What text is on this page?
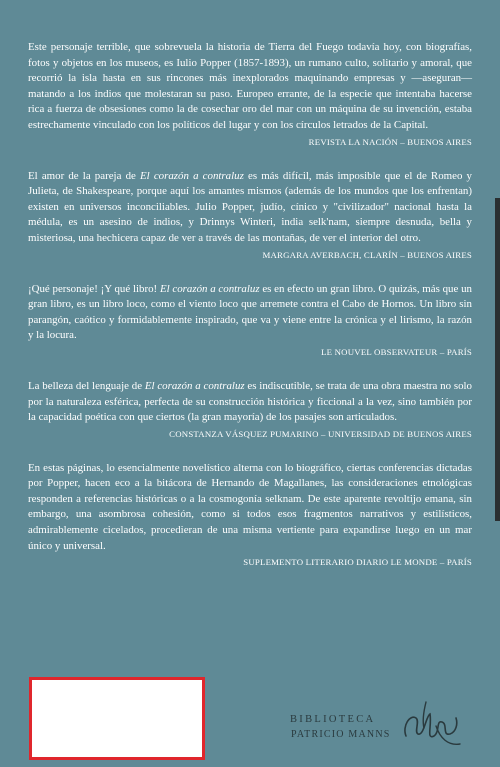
Este personaje terrible, que sobrevuela la historia de Tierra del Fuego todavía hoy, con biografías, fotos y objetos en los museos, es Iulio Popper (1857-1893), un rumano culto, solitario y amoral, que recorrió la isla hasta en sus rincones más inexplorados maquinando empresas y —aseguran— matando a los indios que molestaran su paso. Europeo errante, de la especie que intentaba hacerse rica a fuerza de obsesiones como la de cosechar oro del mar con un máquina de su invención, estaba estrechamente vinculado con los políticos del lugar y con los círculos letrados de la Capital.

REVISTA LA NACIÓN – BUENOS AIRES

El amor de la pareja de El corazón a contraluz es más difícil, más imposible que el de Romeo y Julieta, de Shakespeare, porque aquí los amantes mismos (además de los mundos que los enfrentan) existen en universos inconciliables. Julio Popper, judío, cínico y "civilizador" nacional hasta la médula, es un asesino de indios, y Drinnys Winteri, india selk'nam, siempre desnuda, bella y misteriosa, una hechicera capaz de ver a través de las montañas, de ver el interior del otro.

MARGARA AVERBACH, CLARÍN – BUENOS AIRES

¡Qué personaje! ¡Y qué libro! El corazón a contraluz es en efecto un gran libro. O quizás, más que un gran libro, es un libro loco, como el viento loco que arremete contra el Cabo de Hornos. Un libro sin parangón, caótico y formidablemente inspirado, que va y viene entre la crónica y el lirismo, la razón y la locura.

LE NOUVEL OBSERVATEUR – PARÍS

La belleza del lenguaje de El corazón a contraluz es indiscutible, se trata de una obra maestra no solo por la naturaleza esférica, perfecta de su construcción histórica y ficcional a la vez, sino también por la capacidad poética con que ciertos (la gran mayoría) de los pasajes son articulados.

CONSTANZA VÁSQUEZ PUMARINO – UNIVERSIDAD DE BUENOS AIRES

En estas páginas, lo esencialmente novelístico alterna con lo biográfico, ciertas conferencias dictadas por Popper, hacen eco a la bitácora de Hernando de Magallanes, las consideraciones etnológicas responden a referencias históricas o a la cosmogonía selknam. De este aparente revoltijo emana, sin embargo, una asombrosa cohesión, como si todos esos fragmentos narrativos y estilísticos, admirablemente cicelados, procedieran de una misma vertiente para expandirse luego en un mar único y universal.

SUPLEMENTO LITERARIO DIARIO LE MONDE – PARÍS
BIBLIOTECA
PATRICIO MANNS
